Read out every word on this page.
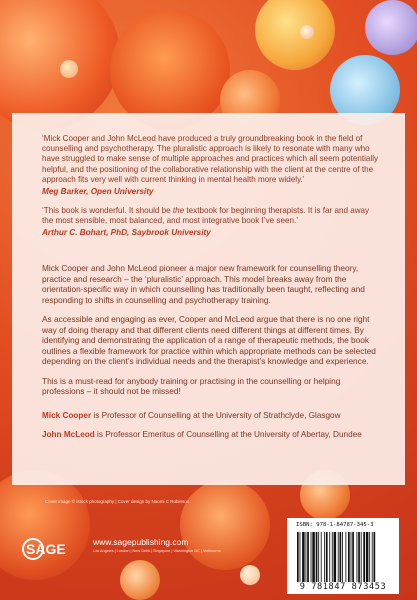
‘Mick Cooper and John McLeod have produced a truly groundbreaking book in the field of counselling and psychotherapy. The pluralistic approach is likely to resonate with many who have struggled to make sense of multiple approaches and practices which all seem potentially helpful, and the positioning of the collaborative relationship with the client at the centre of the approach fits very well with current thinking in mental health more widely.’

Meg Barker, Open University

‘This book is wonderful. It should be the textbook for beginning therapists. It is far and away the most sensible, most balanced, and most integrative book I’ve seen.’

Arthur C. Bohart, PhD, Saybrook University

Mick Cooper and John McLeod pioneer a major new framework for counselling theory, practice and research – the ‘pluralistic’ approach. This model breaks away from the orientation-specific way in which counselling has traditionally been taught, reflecting and responding to shifts in counselling and psychotherapy training.

As accessible and engaging as ever, Cooper and McLeod argue that there is no one right way of doing therapy and that different clients need different things at different times. By identifying and demonstrating the application of a range of therapeutic methods, the book outlines a flexible framework for practice within which appropriate methods can be selected depending on the client’s individual needs and the therapist’s knowledge and experience.

This is a must-read for anybody training or practising in the counselling or helping professions – it should not be missed!

Mick Cooper is Professor of Counselling at the University of Strathclyde, Glasgow

John McLeod is Professor Emeritus of Counselling at the University of Abertay, Dundee

Cover image © istock photography | Cover design by Naomi C Robinson
SAGE	www.sagepublishing.com
Los Angeles | London | New Delhi | Singapore | Washington DC | Melbourne
ISBN: 978-1-84787-345-3
9 781847 873453
